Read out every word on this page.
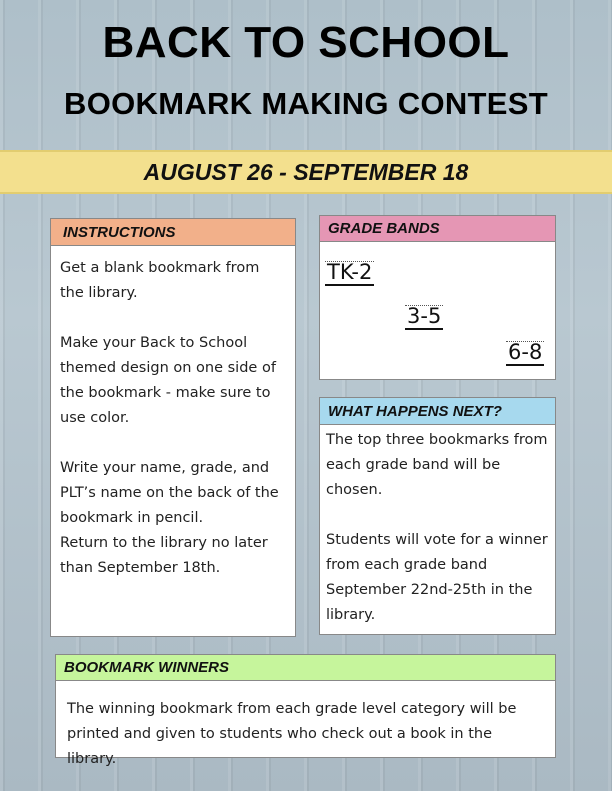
BACK TO SCHOOL
BOOKMARK MAKING CONTEST
AUGUST 26 - SEPTEMBER 18
INSTRUCTIONS

Get a blank bookmark from the library.

Make your Back to School themed design on one side of the bookmark - make sure to use color.

Write your name, grade, and PLT’s name on the back of the bookmark in pencil.

Return to the library no later than September 18th.

GRADE BANDS
TK-2
3-5
6-8
WHAT HAPPENS NEXT?

The top three bookmarks from each grade band will be chosen.

Students will vote for a winner from each grade band September 22nd-25th in the library.

BOOKMARK WINNERS

The winning bookmark from each grade level category will be printed and given to students who check out a book in the library.
